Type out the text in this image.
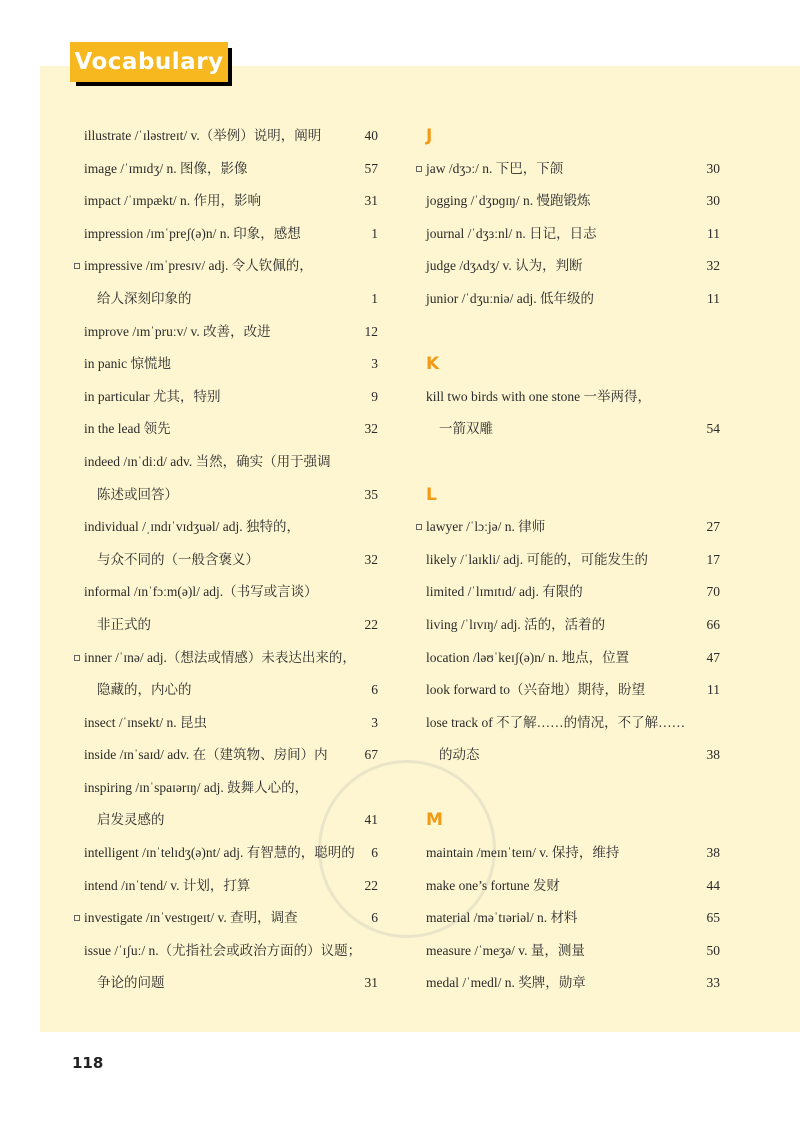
Vocabulary
illustrate /ˈɪləstreɪt/ v.（举例）说明，阐明	40
image /ˈɪmɪdʒ/ n. 图像，影像	57
impact /ˈɪmpækt/ n. 作用，影响	31
impression /ɪmˈpreʃ(ə)n/ n. 印象，感想	1
impressive /ɪmˈpresɪv/ adj. 令人钦佩的，
给人深刻印象的	1
improve /ɪmˈpruːv/ v. 改善，改进	12
in panic 惊慌地	3
in particular 尤其，特别	9
in the lead 领先	32
indeed /ɪnˈdiːd/ adv. 当然，确实（用于强调
陈述或回答）	35
individual /ˌɪndɪˈvɪdʒuəl/ adj. 独特的，
与众不同的（一般含褒义）	32
informal /ɪnˈfɔːm(ə)l/ adj.（书写或言谈）
非正式的	22
inner /ˈɪnə/ adj.（想法或情感）未表达出来的，
隐藏的，内心的	6
insect /ˈɪnsekt/ n. 昆虫	3
inside /ɪnˈsaɪd/ adv. 在（建筑物、房间）内	67
inspiring /ɪnˈspaɪərɪŋ/ adj. 鼓舞人心的，
启发灵感的	41
intelligent /ɪnˈtelɪdʒ(ə)nt/ adj. 有智慧的，聪明的 6
intend /ɪnˈtend/ v. 计划，打算	22
investigate /ɪnˈvestɪɡeɪt/ v. 查明，调查	6
issue /ˈɪʃuː/ n.（尤指社会或政治方面的）议题；
争论的问题	31
J
jaw /dʒɔː/ n. 下巴，下颌	30
jogging /ˈdʒɒɡɪŋ/ n. 慢跑锻炼	30
journal /ˈdʒɜːnl/ n. 日记，日志	11
judge /dʒʌdʒ/ v. 认为，判断	32
junior /ˈdʒuːniə/ adj. 低年级的	11
K
kill two birds with one stone 一举两得，
一箭双雕	54
L
lawyer /ˈlɔːjə/ n. 律师	27
likely /ˈlaɪkli/ adj. 可能的，可能发生的	17
limited /ˈlɪmɪtɪd/ adj. 有限的	70
living /ˈlɪvɪŋ/ adj. 活的，活着的	66
location /ləʊˈkeɪʃ(ə)n/ n. 地点，位置	47
look forward to（兴奋地）期待，盼望	11
lose track of 不了解……的情况，不了解……
的动态	38
M
maintain /meɪnˈteɪn/ v. 保持，维持	38
make one’s fortune 发财	44
material /məˈtɪəriəl/ n. 材料	65
measure /ˈmeʒə/ v. 量，测量	50
medal /ˈmedl/ n. 奖牌，勋章	33
118
